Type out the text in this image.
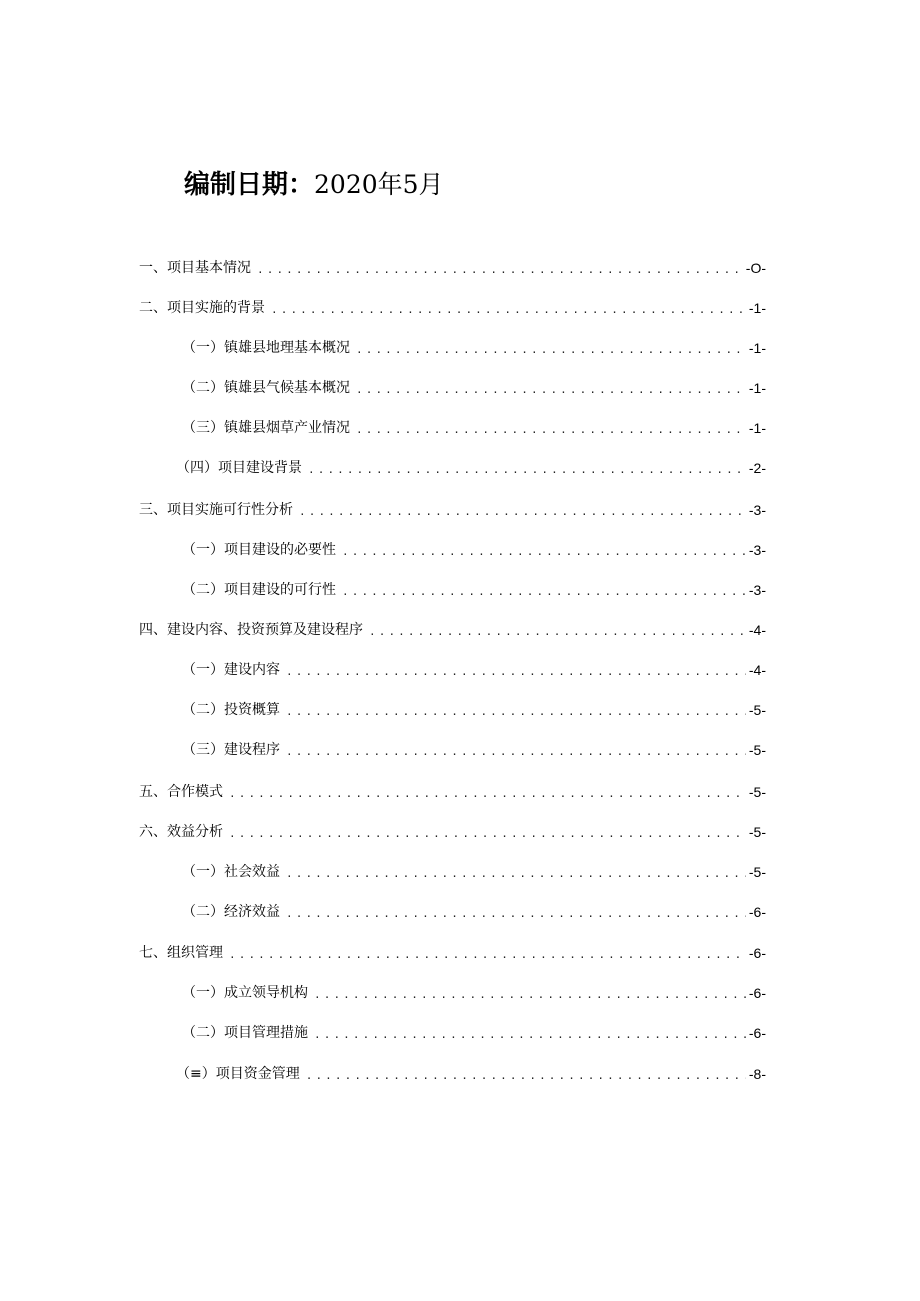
编制日期：2020年5月
一、项目基本情况 .....	-O-
二、项目实施的背景 .....	-1-
（一）镇雄县地理基本概况 .....	-1-
（二）镇雄县气候基本概况 .....	-1-
（三）镇雄县烟草产业情况 .....	-1-
（四）项目建设背景 .....	-2-
三、项目实施可行性分析 .....	-3-
（一）项目建设的必要性 .....	-3-
（二）项目建设的可行性 .....	-3-
四、建设内容、投资预算及建设程序 .....	-4-
（一）建设内容 .....	-4-
（二）投资概算 .....	-5-
（三）建设程序 .....	-5-
五、合作模式 .....	-5-
六、效益分析 .....	-5-
（一）社会效益 .....	-5-
（二）经济效益 .....	-6-
七、组织管理 .....	-6-
（一）成立领导机构 .....	-6-
（二）项目管理措施 .....	-6-
（≡）项目资金管理 .....	-8-
